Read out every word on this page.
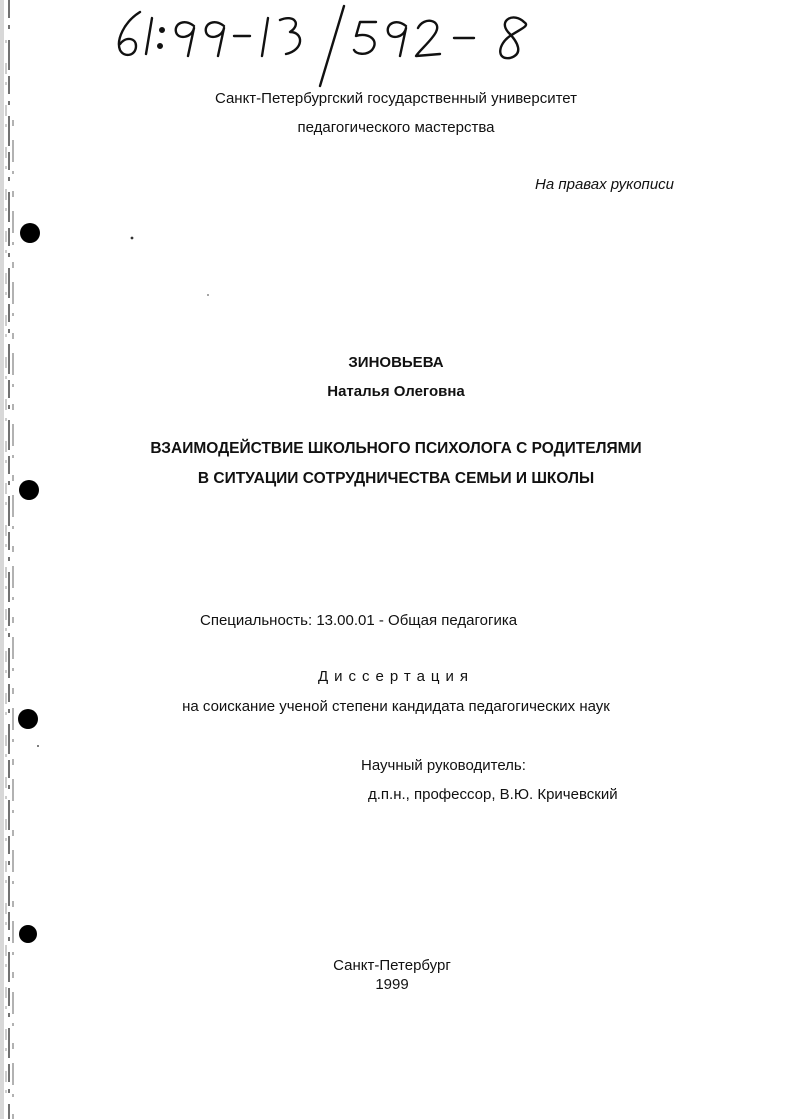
Санкт-Петербургский государственный университет
педагогического мастерства
На правах рукописи
ЗИНОВЬЕВА
Наталья Олеговна
ВЗАИМОДЕЙСТВИЕ ШКОЛЬНОГО ПСИХОЛОГА С РОДИТЕЛЯМИ
В СИТУАЦИИ СОТРУДНИЧЕСТВА СЕМЬИ И ШКОЛЫ
Специальность: 13.00.01 - Общая педагогика
Диссертация
на соискание ученой степени кандидата педагогических наук
Научный руководитель:
д.п.н., профессор, В.Ю. Кричевский
Санкт-Петербург
1999
